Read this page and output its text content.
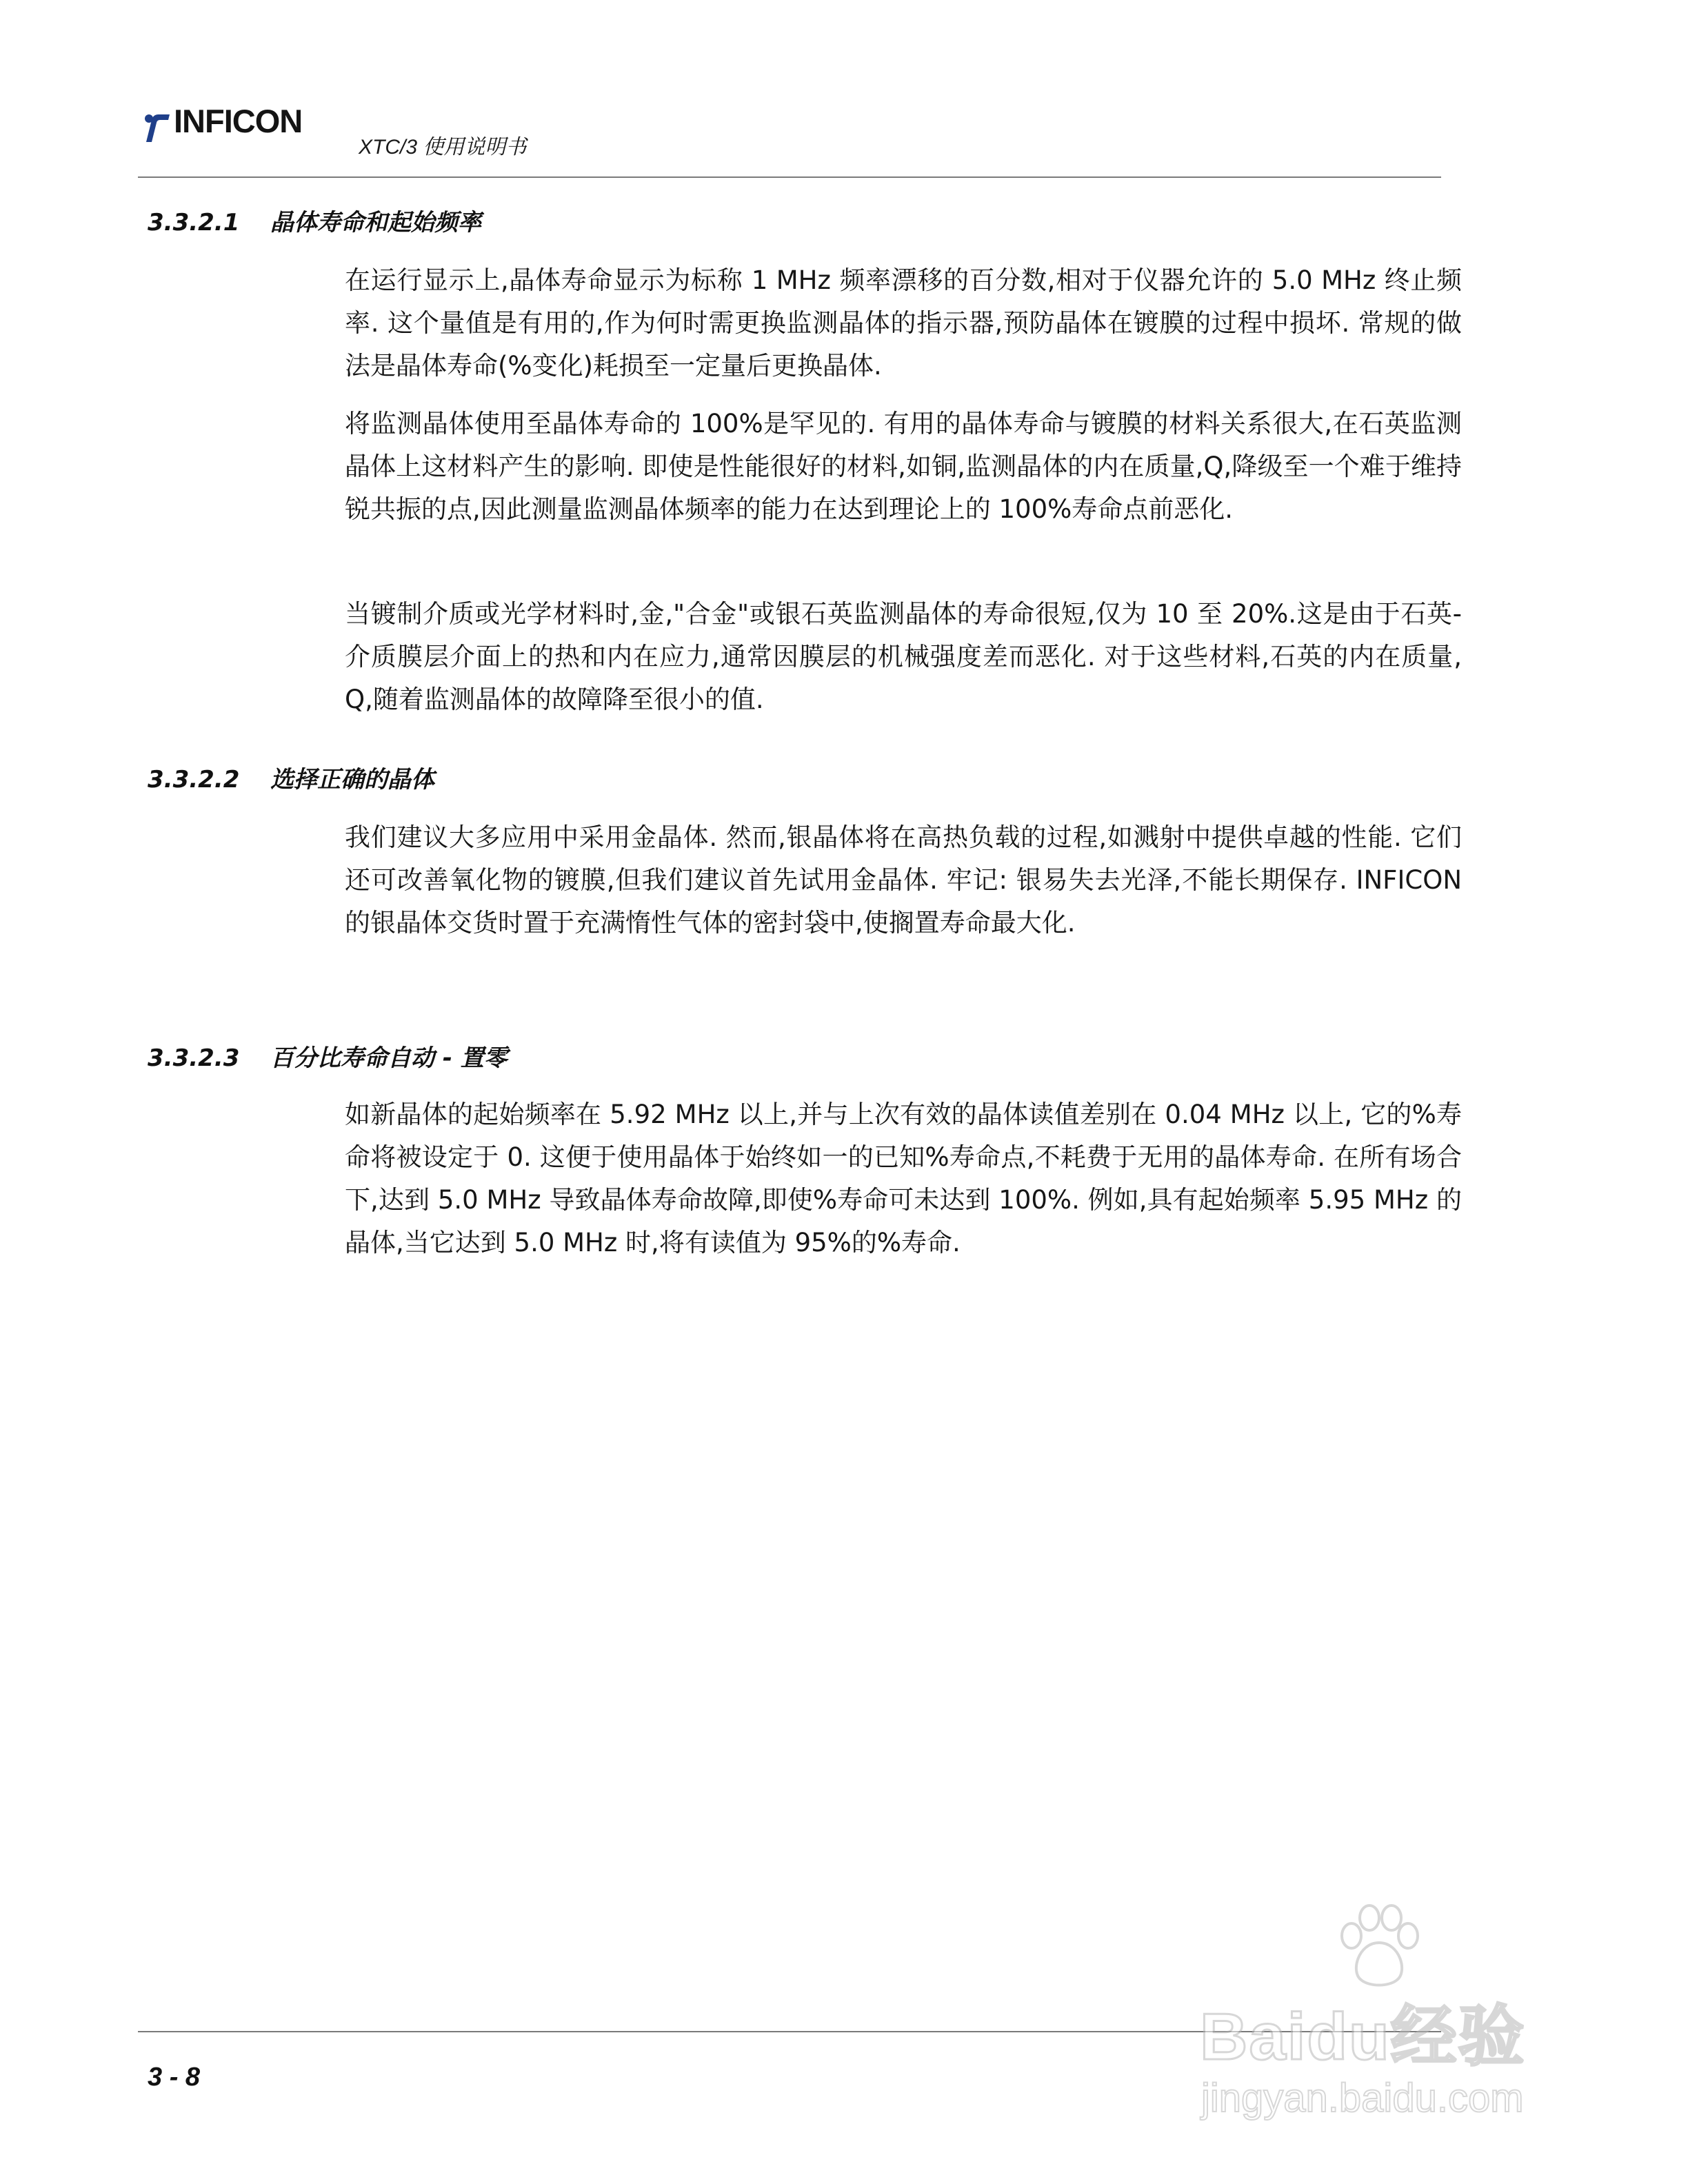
INFICON
XTC/3 使用说明书
3.3.2.1 晶体寿命和起始频率

在运行显示上,晶体寿命显示为标称 1 MHz 频率漂移的百分数,相对于仪器允许的 5.0 MHz 终止频率. 这个量值是有用的,作为何时需更换监测晶体的指示器,预防晶体在镀膜的过程中损坏. 常规的做法是晶体寿命(%变化)耗损至一定量后更换晶体.

将监测晶体使用至晶体寿命的 100%是罕见的. 有用的晶体寿命与镀膜的材料关系很大,在石英监测晶体上这材料产生的影响. 即使是性能很好的材料,如铜,监测晶体的内在质量,Q,降级至一个难于维持锐共振的点,因此测量监测晶体频率的能力在达到理论上的 100%寿命点前恶化.

当镀制介质或光学材料时,金,"合金"或银石英监测晶体的寿命很短,仅为 10 至 20%.这是由于石英-介质膜层介面上的热和内在应力,通常因膜层的机械强度差而恶化. 对于这些材料,石英的内在质量, Q,随着监测晶体的故障降至很小的值.

3.3.2.2 选择正确的晶体

我们建议大多应用中采用金晶体. 然而,银晶体将在高热负载的过程,如溅射中提供卓越的性能. 它们还可改善氧化物的镀膜,但我们建议首先试用金晶体. 牢记: 银易失去光泽,不能长期保存. INFICON 的银晶体交货时置于充满惰性气体的密封袋中,使搁置寿命最大化.

3.3.2.3 百分比寿命自动 - 置零

如新晶体的起始频率在 5.92 MHz 以上,并与上次有效的晶体读值差别在 0.04 MHz 以上, 它的%寿命将被设定于 0. 这便于使用晶体于始终如一的已知%寿命点,不耗费于无用的晶体寿命. 在所有场合下,达到 5.0 MHz 导致晶体寿命故障,即使%寿命可未达到 100%. 例如,具有起始频率 5.95 MHz 的晶体,当它达到 5.0 MHz 时,将有读值为 95%的%寿命.

3 - 8
Baidu经验
jingyan.baidu.com
